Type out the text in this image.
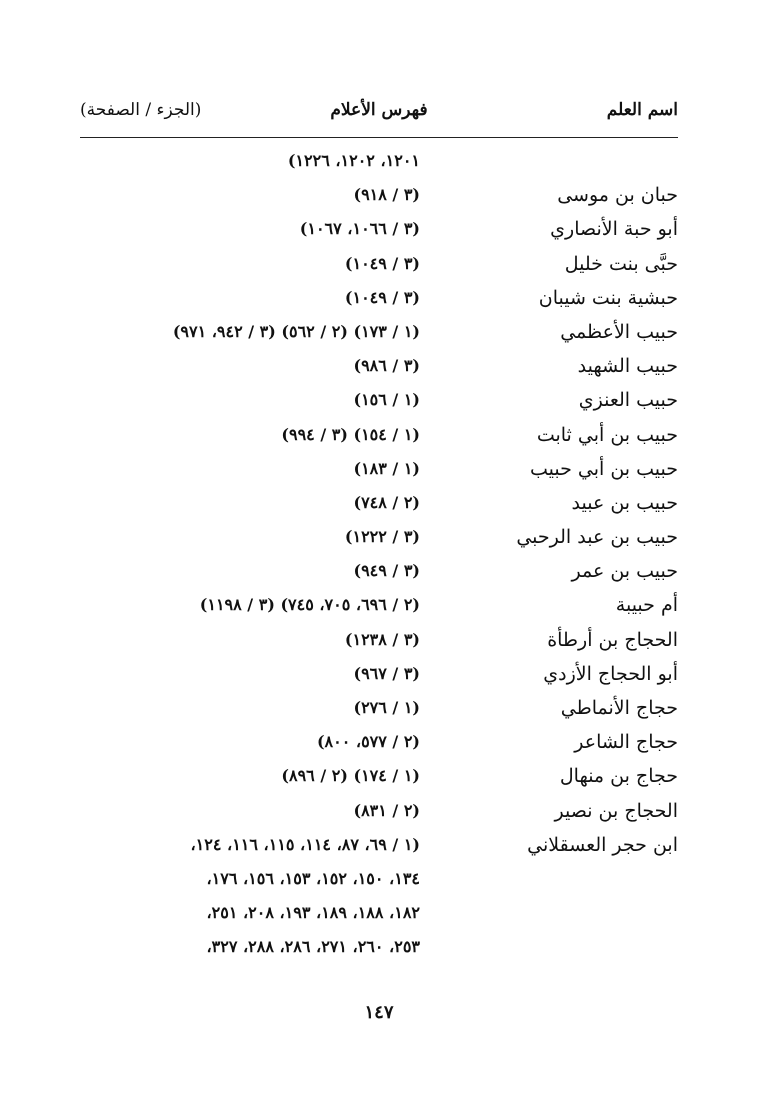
اسم العلم
فهرس الأعلام
(الجزء / الصفحة)
١٢٠١، ١٢٠٢، ١٢٢٦)
حبان بن موسى
(٣ / ٩١٨)
أبو حبة الأنصاري
(٣ / ١٠٦٦، ١٠٦٧)
حبَّى بنت خليل
(٣ / ١٠٤٩)
حبشية بنت شيبان
(٣ / ١٠٤٩)
حبيب الأعظمي
(١ / ١٧٣) (٢ / ٥٦٢) (٣ / ٩٤٢، ٩٧١)
حبيب الشهيد
(٣ / ٩٨٦)
حبيب العنزي
(١ / ١٥٦)
حبيب بن أبي ثابت
(١ / ١٥٤) (٣ / ٩٩٤)
حبيب بن أبي حبيب
(١ / ١٨٣)
حبيب بن عبيد
(٢ / ٧٤٨)
حبيب بن عبد الرحبي
(٣ / ١٢٢٢)
حبيب بن عمر
(٣ / ٩٤٩)
أم حبيبة
(٢ / ٦٩٦، ٧٠٥، ٧٤٥) (٣ / ١١٩٨)
الحجاج بن أرطأة
(٣ / ١٢٣٨)
أبو الحجاج الأزدي
(٣ / ٩٦٧)
حجاج الأنماطي
(١ / ٢٧٦)
حجاج الشاعر
(٢ / ٥٧٧، ٨٠٠)
حجاج بن منهال
(١ / ١٧٤) (٢ / ٨٩٦)
الحجاج بن نصير
(٢ / ٨٣١)
ابن حجر العسقلاني
(١ / ٦٩، ٨٧، ١١٤، ١١٥، ١١٦، ١٢٤،
١٣٤، ١٥٠، ١٥٢، ١٥٣، ١٥٦، ١٧٦،
١٨٢، ١٨٨، ١٨٩، ١٩٣، ٢٠٨، ٢٥١،
٢٥٣، ٢٦٠، ٢٧١، ٢٨٦، ٢٨٨، ٣٢٧،
١٤٧
